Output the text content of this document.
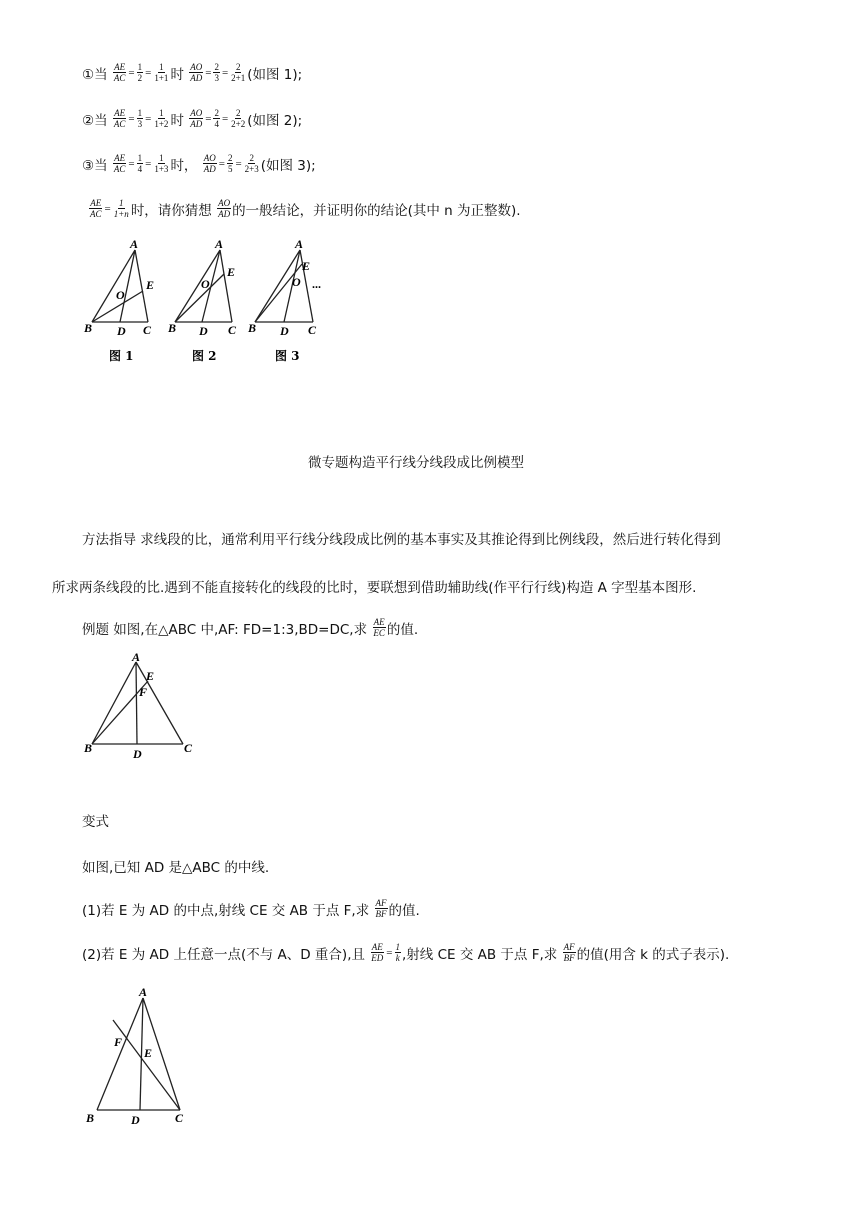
①当
$\frac{AE}{AC} = \frac{1}{2} = \frac{1}{1+1}$ 时
$\frac{AO}{AD} = \frac{2}{3} = \frac{2}{2+1}$ (如图 1);
②当
$\frac{AE}{AC} = \frac{1}{3} = \frac{1}{1+2}$ 时
$\frac{AO}{AD} = \frac{2}{4} = \frac{2}{2+2}$ (如图 2);
③当
$\frac{AE}{AC} = \frac{1}{4} = \frac{1}{1+3}$ 时，
$\frac{AO}{AD} = \frac{2}{5} = \frac{2}{2+3}$ (如图 3);
$\frac{AE}{AC} = \frac{1}{1+n}$ 时，请你猜想
$\frac{AO}{AD}$ 的一般结论，并证明你的结论(其中 n 为正整数).
A
B D C
E
O
A
B D C
E
O
A
B D C
E
O ...
图 1	图 2	图 3
微专题构造平行线分线段成比例模型
方法指导 求线段的比，通常利用平行线分线段成比例的基本事实及其推论得到比例线段，然后进行转化得到
所求两条线段的比.遇到不能直接转化的线段的比时，要联想到借助辅助线(作平行行线)构造 A 字型基本图形.
例题 如图,在△ABC 中,AF: FD=1:3,BD=DC,求
$\frac{AE}{EC}$ 的值.
A
B	D	C
E
F
变式
如图,已知 AD 是△ABC 的中线.
(1)若 E 为 AD 的中点,射线 CE 交 AB 于点 F,求
$\frac{AF}{BF}$ 的值.
(2)若 E 为 AD 上任意一点(不与 A、D 重合),且
$\frac{AE}{ED} = \frac{1}{k}$ ,射线 CE 交 AB 于点 F,求
$\frac{AF}{BF}$ 的值(用含 k 的式子表示).
A
B	D	C
E
F
